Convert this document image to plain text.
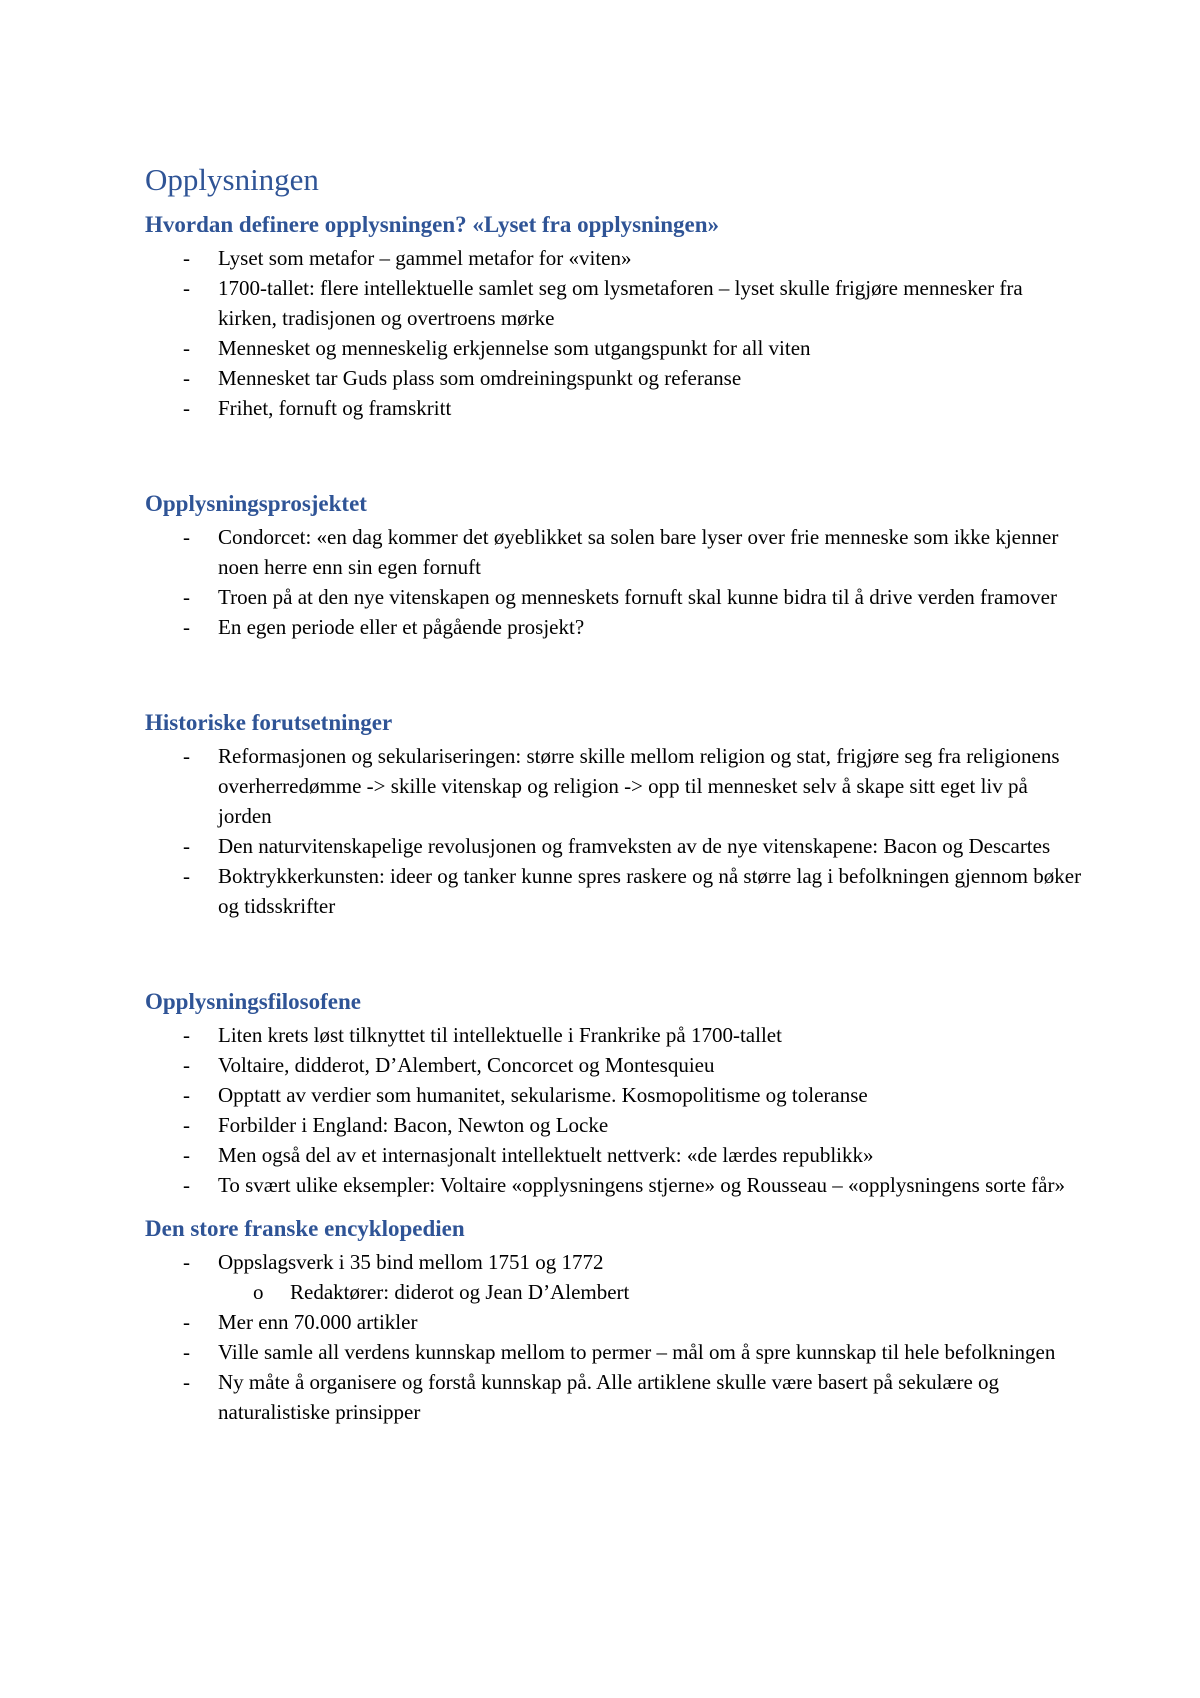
Opplysningen
Hvordan definere opplysningen? «Lyset fra opplysningen»
- Lyset som metafor – gammel metafor for «viten»
- 1700-tallet: flere intellektuelle samlet seg om lysmetaforen – lyset skulle frigjøre mennesker fra kirken, tradisjonen og overtroens mørke
- Mennesket og menneskelig erkjennelse som utgangspunkt for all viten
- Mennesket tar Guds plass som omdreiningspunkt og referanse
- Frihet, fornuft og framskritt
Opplysningsprosjektet
- Condorcet: «en dag kommer det øyeblikket sa solen bare lyser over frie menneske som ikke kjenner noen herre enn sin egen fornuft
- Troen på at den nye vitenskapen og menneskets fornuft skal kunne bidra til å drive verden framover
- En egen periode eller et pågående prosjekt?
Historiske forutsetninger
- Reformasjonen og sekulariseringen: større skille mellom religion og stat, frigjøre seg fra religionens overherredømme -> skille vitenskap og religion -> opp til mennesket selv å skape sitt eget liv på jorden
- Den naturvitenskapelige revolusjonen og framveksten av de nye vitenskapene: Bacon og Descartes
- Boktrykkerkunsten: ideer og tanker kunne spres raskere og nå større lag i befolkningen gjennom bøker og tidsskrifter
Opplysningsfilosofene
- Liten krets løst tilknyttet til intellektuelle i Frankrike på 1700-tallet
- Voltaire, didderot, D’Alembert, Concorcet og Montesquieu
- Opptatt av verdier som humanitet, sekularisme. Kosmopolitisme og toleranse
- Forbilder i England: Bacon, Newton og Locke
- Men også del av et internasjonalt intellektuelt nettverk: «de lærdes republikk»
- To svært ulike eksempler: Voltaire «opplysningens stjerne» og Rousseau – «opplysningens sorte får»
Den store franske encyklopedien
- Oppslagsverk i 35 bind mellom 1751 og 1772
o Redaktører: diderot og Jean D’Alembert
- Mer enn 70.000 artikler
- Ville samle all verdens kunnskap mellom to permer – mål om å spre kunnskap til hele befolkningen
- Ny måte å organisere og forstå kunnskap på. Alle artiklene skulle være basert på sekulære og naturalistiske prinsipper
